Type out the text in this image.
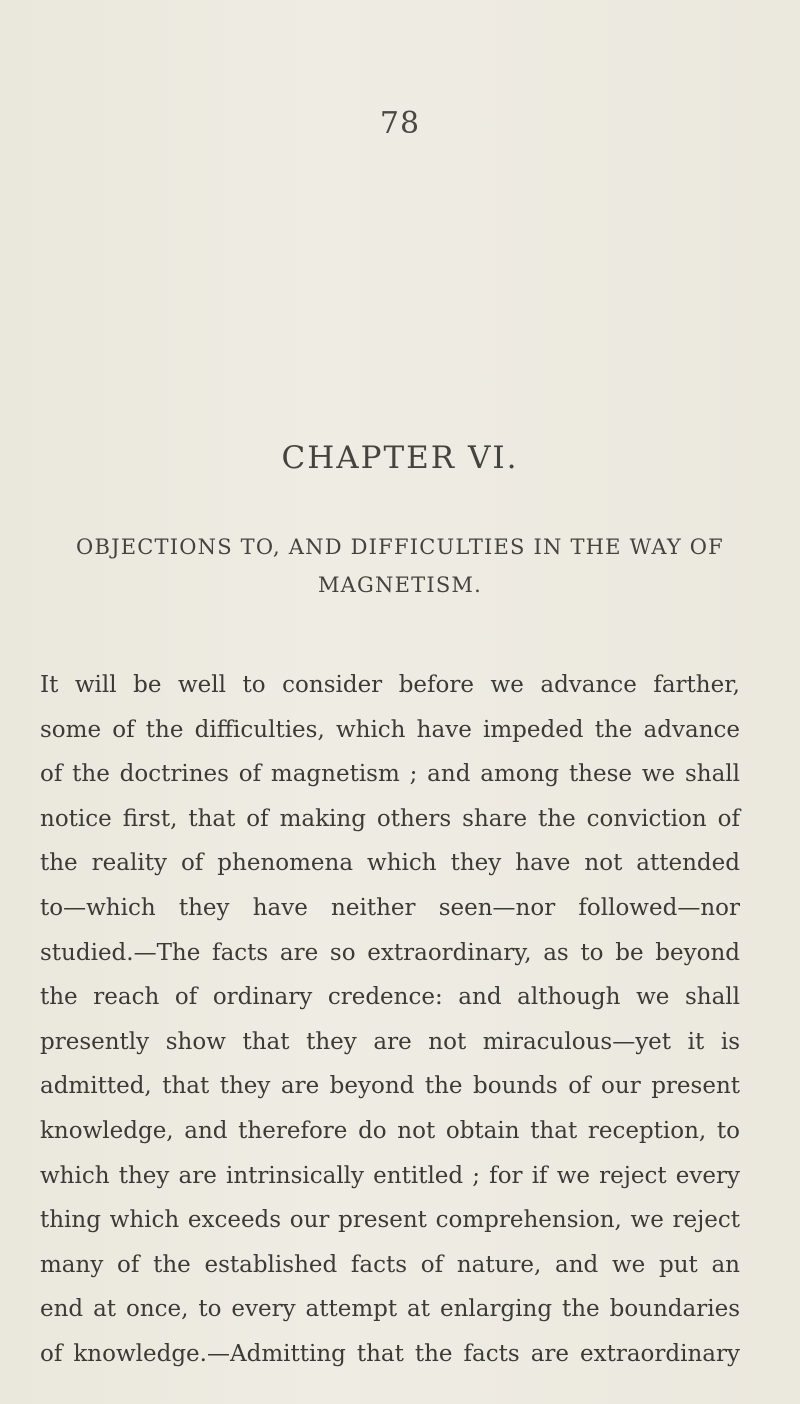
78
CHAPTER VI.
OBJECTIONS TO, AND DIFFICULTIES IN THE WAY OF
MAGNETISM.
It will be well to consider before we advance farther,
some of the difficulties, which have impeded the advance
of the doctrines of magnetism ; and among these we shall
notice first, that of making others share the conviction of
the reality of phenomena which they have not attended
to—which they have neither seen—nor followed—nor
studied.—The facts are so extraordinary, as to be beyond
the reach of ordinary credence: and although we shall
presently show that they are not miraculous—yet it is
admitted, that they are beyond the bounds of our present
knowledge, and therefore do not obtain that reception, to
which they are intrinsically entitled ; for if we reject every
thing which exceeds our present comprehension, we reject
many of the established facts of nature, and we put an
end at once, to every attempt at enlarging the boundaries
of knowledge.—Admitting that the facts are extraordinary
